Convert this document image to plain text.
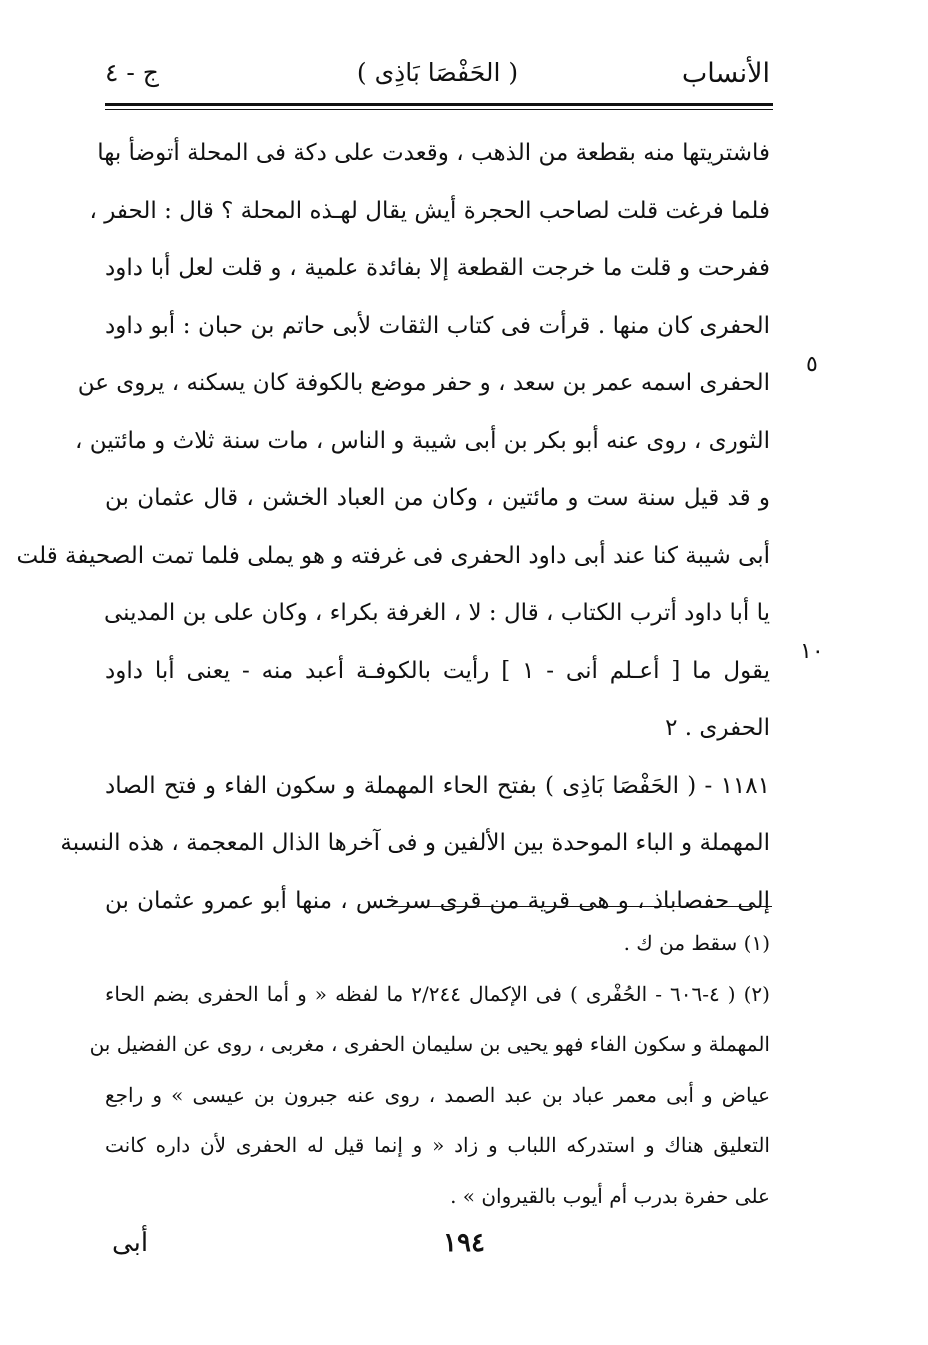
الأنساب
( الحَفْصَا بَاذِى )
ج - ٤
فاشتريتها منه بقطعة من الذهب ، وقعدت على دكة فى المحلة أتوضأ بها
فلما فرغت قلت لصاحب الحجرة أيش يقال لهـذه المحلة ؟ قال : الحفر ،
ففرحت و قلت ما خرجت القطعة إلا بفائدة علمية ، و قلت لعل أبا داود
الحفرى كان منها . قرأت فى كتاب الثقات لأبى حاتم بن حبان : أبو داود
الحفرى اسمه عمر بن سعد ، و حفر موضع بالكوفة كان يسكنه ، يروى عن
الثورى ، روى عنه أبو بكر بن أبى شيبة و الناس ، مات سنة ثلاث و مائتين ،
و قد قيل سنة ست و مائتين ، وكان من العباد الخشن ، قال عثمان بن
أبى شيبة كنا عند أبى داود الحفرى فى غرفته و هو يملى فلما تمت الصحيفة قلت
يا أبا داود أترب الكتاب ، قال : لا ، الغرفة بكراء ، وكان على بن المدينى
يقول ما [ أعـلم أنى - ١ ] رأيت بالكوفـة أعبد منه - يعنى أبا داود
الحفرى . ٢
١١٨١ - ( الحَفْصَا بَاذِى ) بفتح الحاء المهملة و سكون الفاء و فتح الصاد
المهملة و الباء الموحدة بين الألفين و فى آخرها الذال المعجمة ، هذه النسبة
إلى حفصاباذ ، و هى قرية من قرى سرخس ، منها أبو عمرو عثمان بن
٥
١٠
(١) سقط من ك .
(٢) ( ٤-٦٠٦ - الحُفْرى ) فى الإكمال ٢/٢٤٤ ما لفظه « و أما الحفرى بضم الحاء
المهملة و سكون الفاء فهو يحيى بن سليمان الحفرى ، مغربى ، روى عن الفضيل بن
عياض و أبى معمر عباد بن عبد الصمد ، روى عنه جبرون بن عيسى » و راجع
التعليق هناك و استدركه اللباب و زاد « و إنما قيل له الحفرى لأن داره كانت
على حفرة بدرب أم أيوب بالقيروان » .
١٩٤
أبى
